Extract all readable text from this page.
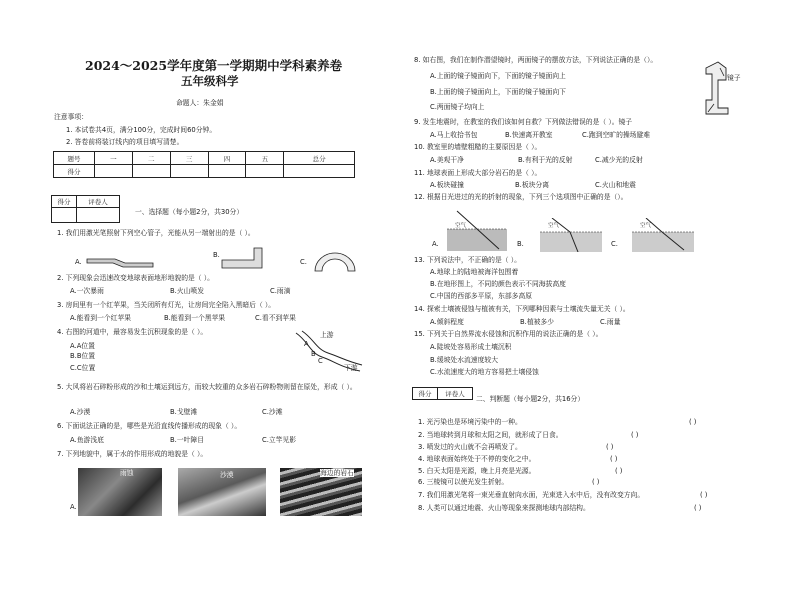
2024～2025学年度第一学期期中学科素养卷
五年级科学
命题人：朱金娟
注意事项：
1. 本试卷共4页，满分100分，完成时间60分钟。
2. 答卷前将装订线内的项目填写清楚。
题号	一	二	三	四	五	总分
得分						
得分	评卷人

一、选择题（每小题2分，共30分）
1. 我们用激光笔照射下列空心管子，光能从另一端射出的是（ ）。
A.
B.
C.
2. 下列现象会迅速改变地球表面地形地貌的是（ ）。
A.一次暴雨	B.火山喷发	C.雨滴
3. 房间里有一个红苹果，当关闭所有灯光，让房间完全陷入黑暗后（ ）。
A.能看到一个红苹果	B.能看到一个黑苹果	C.看不到苹果
4. 右图的河道中，最容易发生沉积现象的是（ ）。
A.A位置
B.B位置
C.C位置
上游
A
B
C
下游
5. 大风将岩石碎粉形成的沙和土壤运到远方，而较大较重的众多岩石碎粉物则留在原处，形成（ ）。
A.沙漠	B.戈壁滩	C.沙滩
6. 下面说法正确的是，哪些是光沿直线传播形成的现象（ ）。
A.鱼游浅底	B.一叶障目	C.立竿见影
7. 下列地貌中，属于水的作用形成的地貌是（ ）。
A.
雨蚀	沙漠	海边的岩石
8. 如右图，我们在制作潜望镜时，两面镜子的摆放方法，下列说法正确的是（）。
A.上面的镜子镜面向下，下面的镜子镜面向上
B.上面的镜子镜面向上，下面的镜子镜面向下
C.两面镜子均向上
镜子
9. 发生地震时，在教室的我们该如何自救？下列做法错误的是（ ）。镜子
A.马上收拾书包	B.快速离开教室	C.跑到空旷的操场避难
10. 教室里的墙壁粗糙的主要原因是（ ）。
A.美观干净	B.有利于光的反射	C.减少光的反射
11. 地球表面上形成大部分岩石的是（ ）。
A.板块碰撞	B.板块分离	C.火山和地震
12. 根据日光进过的光的折射的现象，下列三个选项图中正确的是（）。
A.
空气
B.
空气
C.
空气
13. 下列说法中，不正确的是（ ）。
A.地球上的陆地被海洋包围着
B.在地形图上，不同的颜色表示不同海拔高度
C.中国的西部多平原，东部多高原
14. 探索土壤被侵蚀与植被有关，下列哪种因素与土壤流失量无关（ ）。
A.倾斜程度	B.植被多少	C.雨量
15. 下列关于自然界流水侵蚀和沉积作用的说法正确的是（ ）。
A.陡坡处容易形成土壤沉积
B.缓坡处水流速度较大
C.水流速度大的地方容易把土壤侵蚀
得分	评卷人
二、判断题（每小题2分，共16分）
1. 光污染也是环境污染中的一种。	( )
2. 当地球转到月球和太阳之间，就形成了日食。	( )
3. 喷发过的火山就不会再喷发了。	( )
4. 地球表面始终处于不停的变化之中。	( )
5. 白天太阳是光源，晚上月亮是光源。	( )
6. 三棱镜可以使光发生折射。	( )
7. 我们用激光笔将一束光垂直射向水面，光束进入水中后，没有改变方向。	( )
8. 人类可以通过地震、火山等现象来探测地球内部结构。	( )
